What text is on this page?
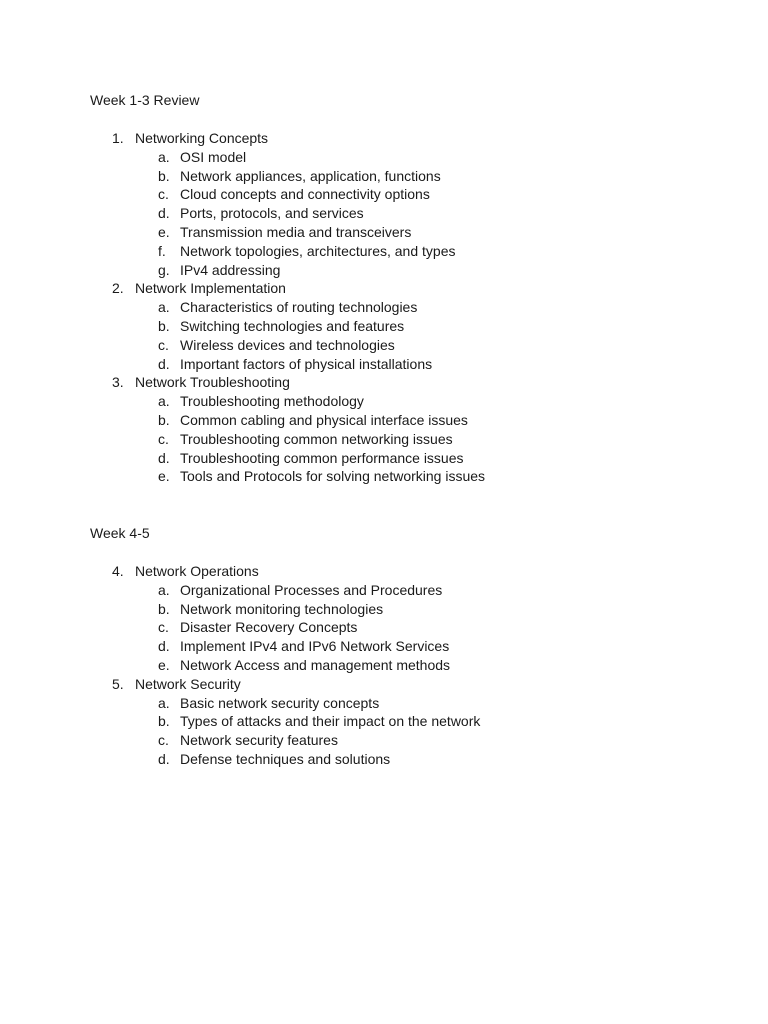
Week 1-3 Review
1. Networking Concepts
a. OSI model
b. Network appliances, application, functions
c. Cloud concepts and connectivity options
d. Ports, protocols, and services
e. Transmission media and transceivers
f. Network topologies, architectures, and types
g. IPv4 addressing
2. Network Implementation
a. Characteristics of routing technologies
b. Switching technologies and features
c. Wireless devices and technologies
d. Important factors of physical installations
3. Network Troubleshooting
a. Troubleshooting methodology
b. Common cabling and physical interface issues
c. Troubleshooting common networking issues
d. Troubleshooting common performance issues
e. Tools and Protocols for solving networking issues
Week 4-5
4. Network Operations
a. Organizational Processes and Procedures
b. Network monitoring technologies
c. Disaster Recovery Concepts
d. Implement IPv4 and IPv6 Network Services
e. Network Access and management methods
5. Network Security
a. Basic network security concepts
b. Types of attacks and their impact on the network
c. Network security features
d. Defense techniques and solutions
